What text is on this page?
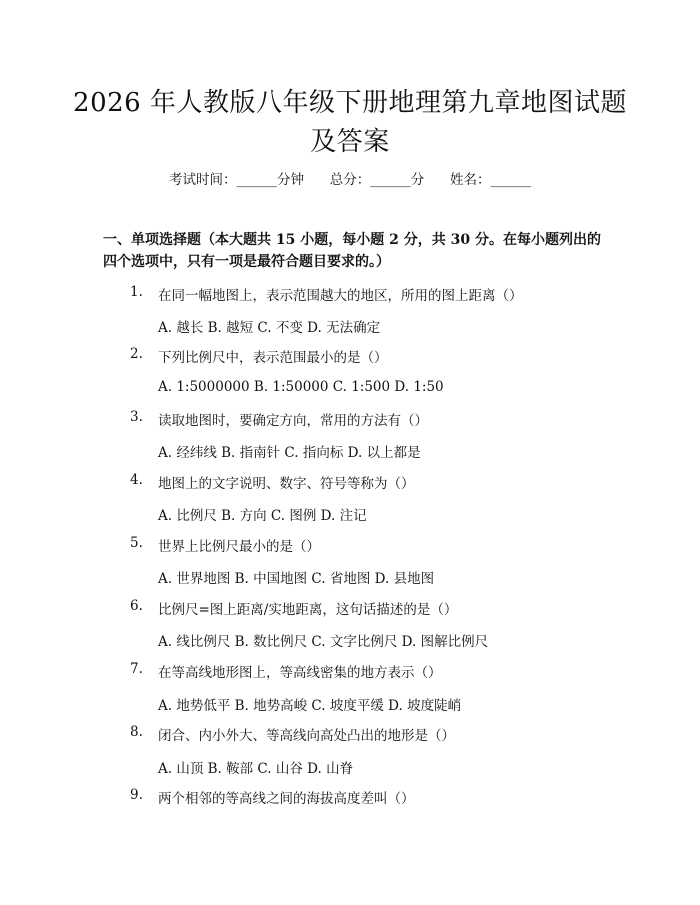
2026 年人教版八年级下册地理第九章地图试题及答案
考试时间：______分钟      总分：______分      姓名：______
一、单项选择题（本大题共 15 小题，每小题 2 分，共 30 分。在每小题列出的四个选项中，只有一项是最符合题目要求的。）
1. 在同一幅地图上，表示范围越大的地区，所用的图上距离（）
A. 越长 B. 越短 C. 不变 D. 无法确定
2. 下列比例尺中，表示范围最小的是（）
A. 1:5000000 B. 1:50000 C. 1:500 D. 1:50
3. 读取地图时，要确定方向，常用的方法有（）
A. 经纬线 B. 指南针 C. 指向标 D. 以上都是
4. 地图上的文字说明、数字、符号等称为（）
A. 比例尺 B. 方向 C. 图例 D. 注记
5. 世界上比例尺最小的是（）
A. 世界地图 B. 中国地图 C. 省地图 D. 县地图
6. 比例尺=图上距离/实地距离，这句话描述的是（）
A. 线比例尺 B. 数比例尺 C. 文字比例尺 D. 图解比例尺
7. 在等高线地形图上，等高线密集的地方表示（）
A. 地势低平 B. 地势高峻 C. 坡度平缓 D. 坡度陡峭
8. 闭合、内小外大、等高线向高处凸出的地形是（）
A. 山顶 B. 鞍部 C. 山谷 D. 山脊
9. 两个相邻的等高线之间的海拔高度差叫（）
